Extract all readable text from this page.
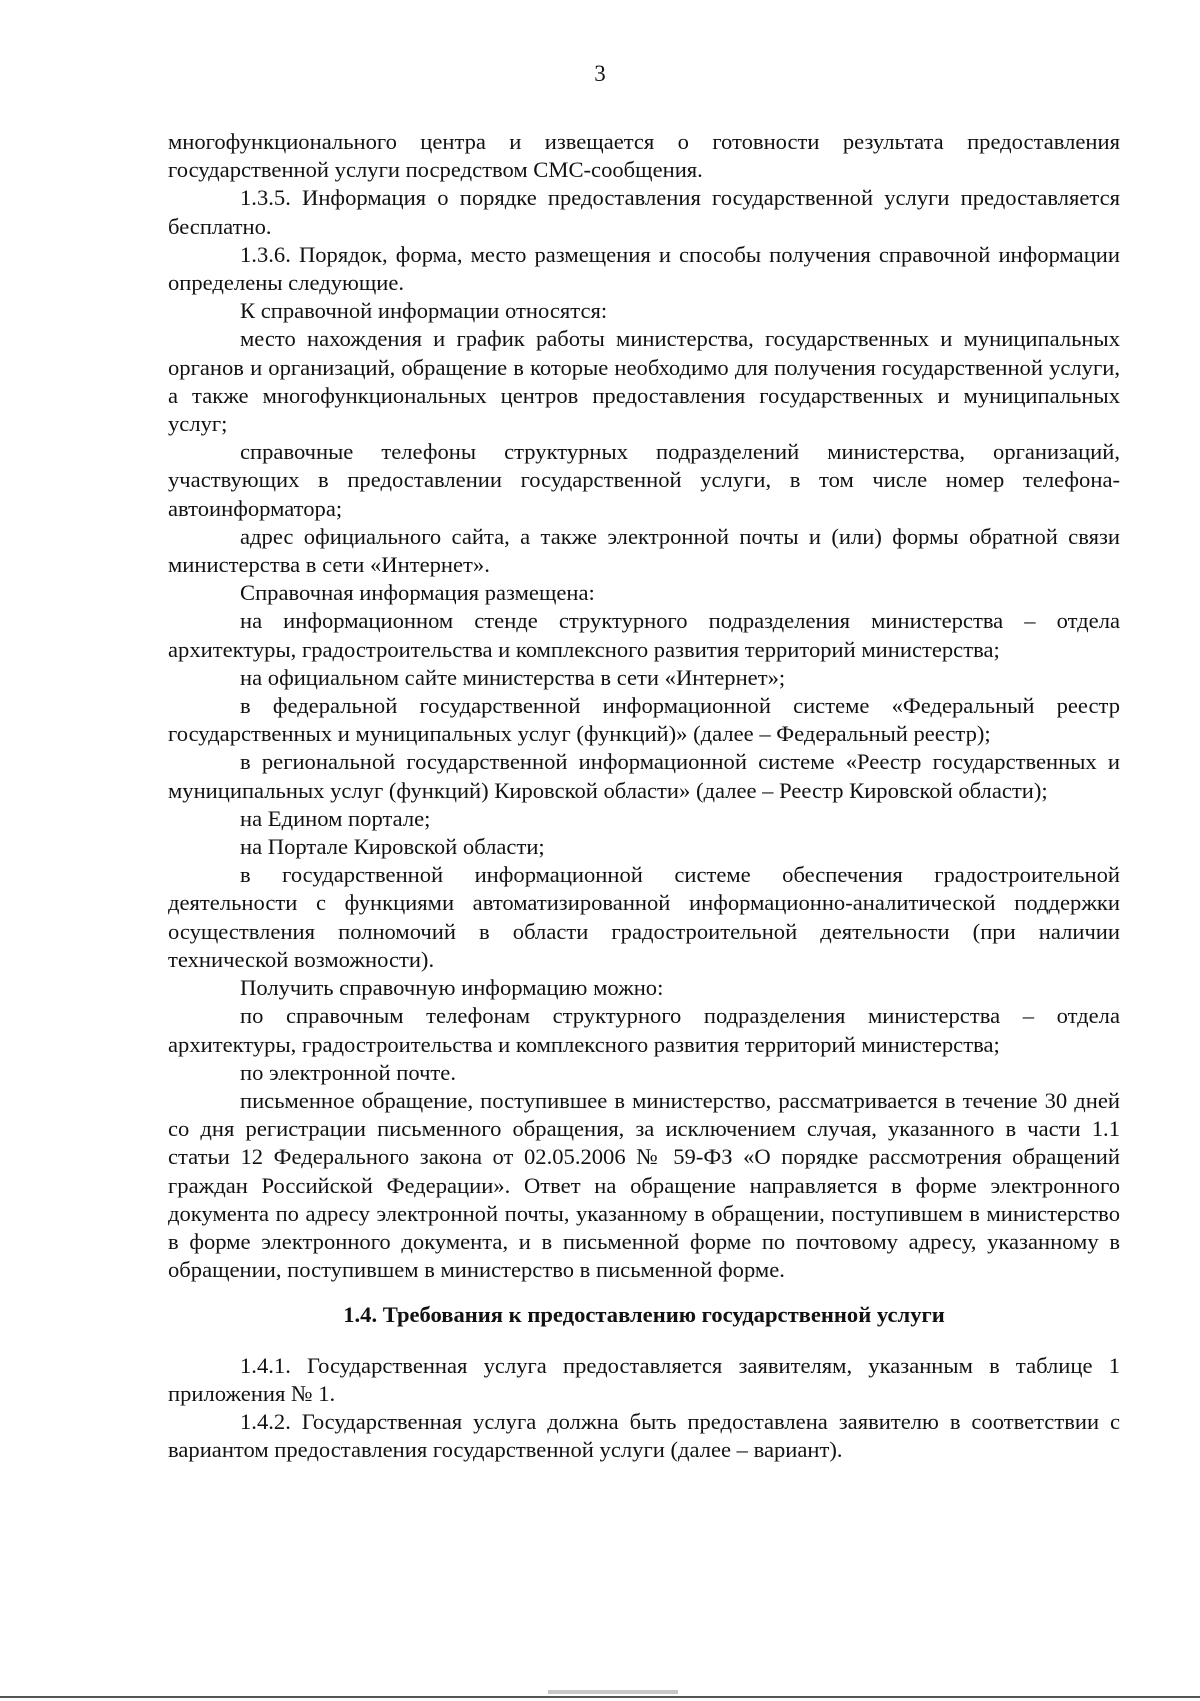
3

многофункционального центра и извещается о готовности результата предоставления государственной услуги посредством СМС-сообщения.

1.3.5. Информация о порядке предоставления государственной услуги предоставляется бесплатно.

1.3.6. Порядок, форма, место размещения и способы получения справочной информации определены следующие.

К справочной информации относятся:

место нахождения и график работы министерства, государственных и муниципальных органов и организаций, обращение в которые необходимо для получения государственной услуги, а также многофункциональных центров предоставления государственных и муниципальных услуг;

справочные телефоны структурных подразделений министерства, организаций, участвующих в предоставлении государственной услуги, в том числе номер телефона-автоинформатора;

адрес официального сайта, а также электронной почты и (или) формы обратной связи министерства в сети «Интернет».

Справочная информация размещена:

на информационном стенде структурного подразделения министерства – отдела архитектуры, градостроительства и комплексного развития территорий министерства;

на официальном сайте министерства в сети «Интернет»;

в федеральной государственной информационной системе «Федеральный реестр государственных и муниципальных услуг (функций)» (далее – Федеральный реестр);

в региональной государственной информационной системе «Реестр государственных и муниципальных услуг (функций) Кировской области» (далее – Реестр Кировской области);

на Едином портале;

на Портале Кировской области;

в государственной информационной системе обеспечения градостроительной деятельности с функциями автоматизированной информационно-аналитической поддержки осуществления полномочий в области градостроительной деятельности (при наличии технической возможности).

Получить справочную информацию можно:

по справочным телефонам структурного подразделения министерства – отдела архитектуры, градостроительства и комплексного развития территорий министерства;

по электронной почте.

письменное обращение, поступившее в министерство, рассматривается в течение 30 дней со дня регистрации письменного обращения, за исключением случая, указанного в части 1.1 статьи 12 Федерального закона от 02.05.2006 № 59-ФЗ «О порядке рассмотрения обращений граждан Российской Федерации». Ответ на обращение направляется в форме электронного документа по адресу электронной почты, указанному в обращении, поступившем в министерство в форме электронного документа, и в письменной форме по почтовому адресу, указанному в обращении, поступившем в министерство в письменной форме.

1.4. Требования к предоставлению государственной услуги

1.4.1. Государственная услуга предоставляется заявителям, указанным в таблице 1 приложения № 1.

1.4.2. Государственная услуга должна быть предоставлена заявителю в соответствии с вариантом предоставления государственной услуги (далее – вариант).
